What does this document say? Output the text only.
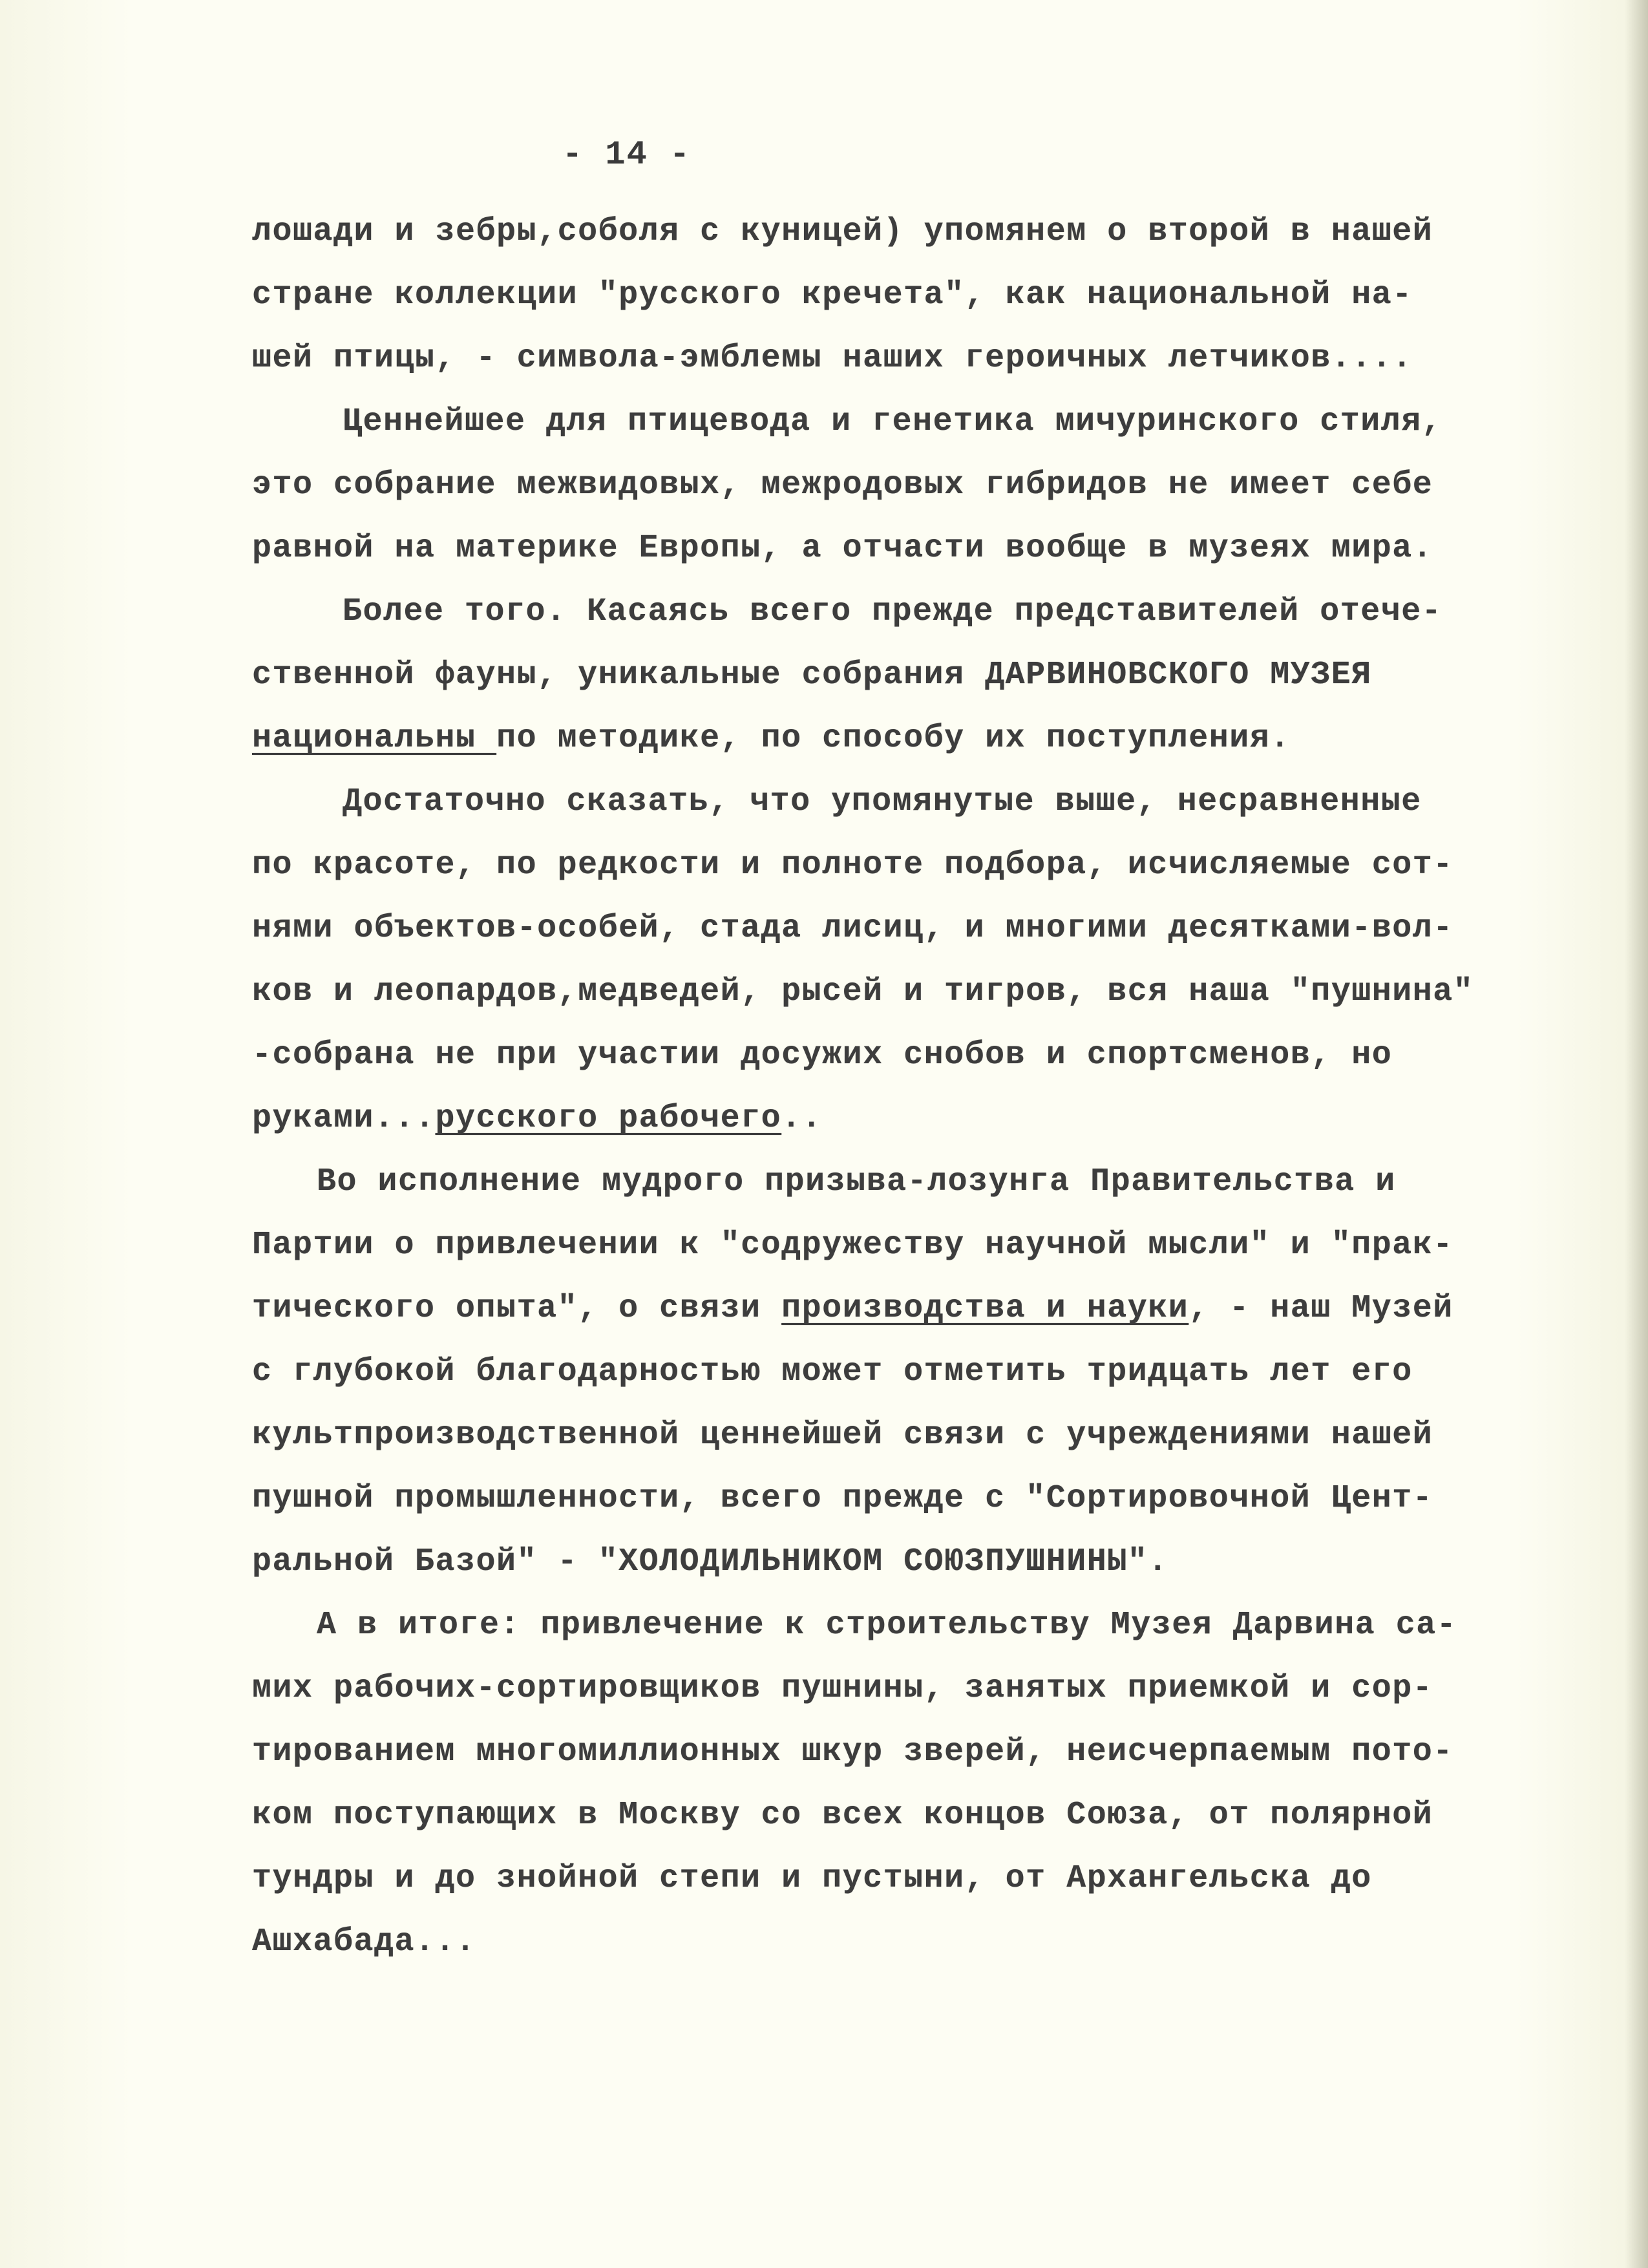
- 14 -
лошади и зебры,соболя с куницей) упомянем о второй в нашей
стране коллекции "русского кречета", как национальной на-
шей птицы, - символа-эмблемы наших героичных летчиков....
Ценнейшее для птицевода и генетика мичуринского стиля,
это собрание межвидовых, межродовых гибридов не имеет себе
равной на материке Европы, а отчасти вообще в музеях мира.
Более того. Касаясь всего прежде представителей отече-
ственной фауны, уникальные собрания ДАРВИНОВСКОГО МУЗЕЯ
национальны по методике, по способу их поступления.
Достаточно сказать, что упомянутые выше, несравненные
по красоте, по редкости и полноте подбора, исчисляемые сот-
нями объектов-особей, стада лисиц, и многими десятками-вол-
ков и леопардов,медведей, рысей и тигров, вся наша "пушнина"
-собрана не при участии досужих снобов и спортсменов, но
руками...русского рабочего..
Во исполнение мудрого призыва-лозунга Правительства и
Партии о привлечении к "содружеству научной мысли" и "прак-
тического опыта", о связи производства и науки, - наш Музей
с глубокой благодарностью может отметить тридцать лет его
культпроизводственной ценнейшей связи с учреждениями нашей
пушной промышленности, всего прежде с "Сортировочной Цент-
ральной Базой" - "ХОЛОДИЛЬНИКОМ СОЮЗПУШНИНЫ".
А в итоге: привлечение к строительству Музея Дарвина са-
мих рабочих-сортировщиков пушнины, занятых приемкой и сор-
тированием многомиллионных шкур зверей, неисчерпаемым пото-
ком поступающих в Москву со всех концов Союза, от полярной
тундры и до знойной степи и пустыни, от Архангельска до
Ашхабада...
